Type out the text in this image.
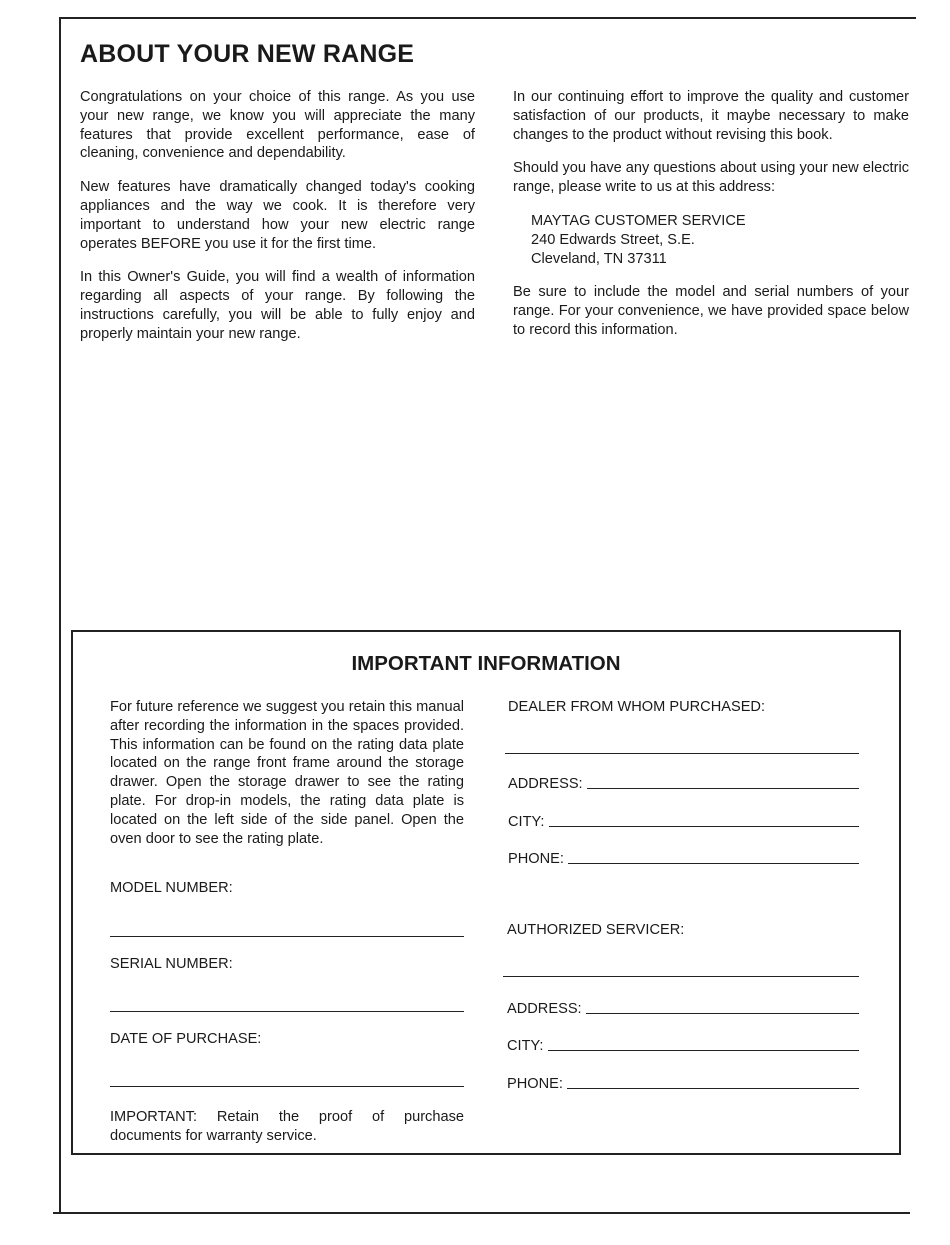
ABOUT YOUR NEW RANGE

Congratulations on your choice of this range. As you use your new range, we know you will appreciate the many features that provide excellent performance, ease of cleaning, convenience and dependability.

New features have dramatically changed today's cooking appliances and the way we cook. It is therefore very important to understand how your new electric range operates BEFORE you use it for the first time.

In this Owner's Guide, you will find a wealth of information regarding all aspects of your range. By following the instructions carefully, you will be able to fully enjoy and properly maintain your new range.

In our continuing effort to improve the quality and customer satisfaction of our products, it maybe necessary to make changes to the product without revising this book.

Should you have any questions about using your new electric range, please write to us at this address:

MAYTAG CUSTOMER SERVICE
240 Edwards Street, S.E.
Cleveland, TN 37311

Be sure to include the model and serial numbers of your range. For your convenience, we have provided space below to record this information.

IMPORTANT INFORMATION

For future reference we suggest you retain this manual after recording the information in the spaces provided. This information can be found on the rating data plate located on the range front frame around the storage drawer. Open the storage drawer to see the rating plate. For drop-in models, the rating data plate is located on the left side of the side panel. Open the oven door to see the rating plate.

MODEL NUMBER:
SERIAL NUMBER:
DATE OF PURCHASE:
IMPORTANT: Retain the proof of purchase
documents for warranty service.
DEALER FROM WHOM PURCHASED:
ADDRESS:
CITY:
PHONE:
AUTHORIZED SERVICER:
ADDRESS:
CITY:
PHONE:
